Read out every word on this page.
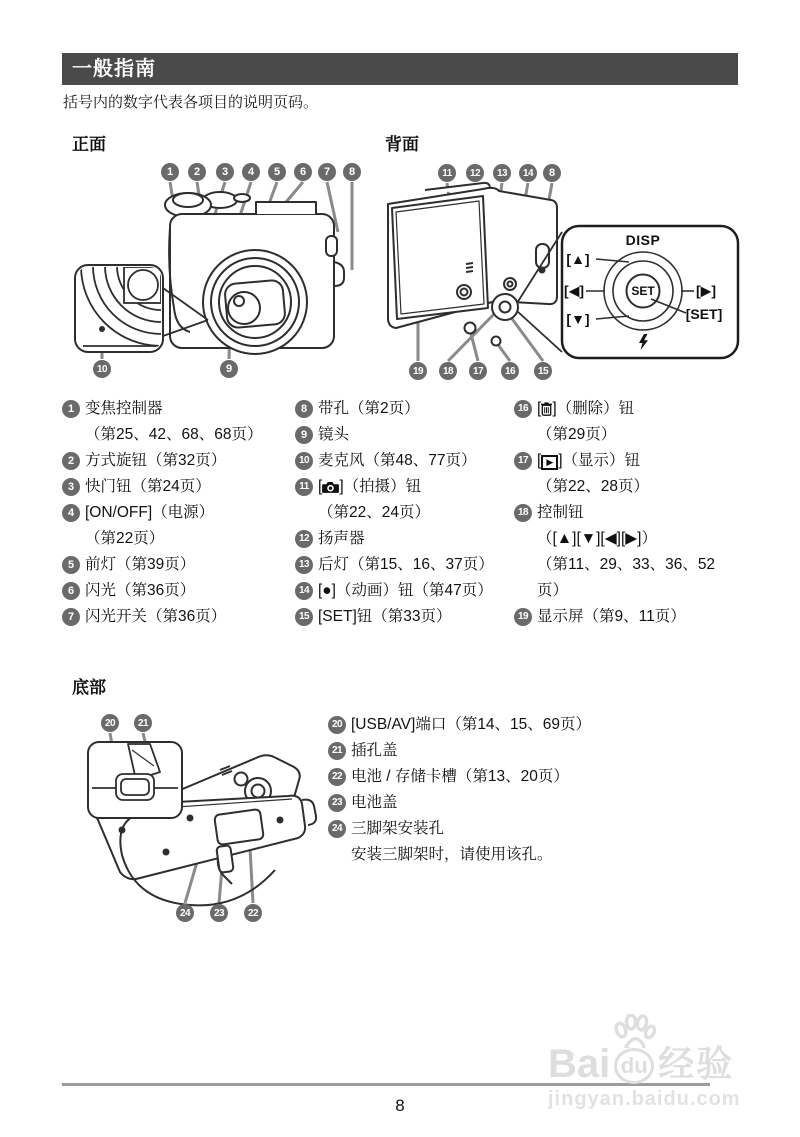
一般指南
括号内的数字代表各项目的说明页码。
正面	背面
底部
1	2	3	4	5	6	7	8
9
10
DISP
[▲]
[◀]	[▶]
[▼]
SET
[SET]
11	12	13	14	8
19	18	17	16	15
1 变焦控制器
（第25、42、68、68页）
2 方式旋钮（第32页）
3 快门钮（第24页）
4 [ON/OFF]（电源）
（第22页）
5 前灯（第39页）
6 闪光（第36页）
7 闪光开关（第36页）
8 带孔（第2页）
9 镜头
10 麦克风（第48、77页）
11 [ ]（拍摄）钮
（第22、24页）
12 扬声器
13 后灯（第15、16、37页）
14 [●]（动画）钮（第47页）
15 [SET]钮（第33页）
16 [ ]（删除）钮
（第29页）
17 [ ▶ ]（显示）钮
（第22、28页）
18 控制钮
（[▲][▼][◀][▶]）
（第11、29、33、36、52
页）
19 显示屏（第9、11页）
20	21
24	23	22
20 [USB/AV]端口（第14、15、69页）
21 插孔盖
22 电池 / 存储卡槽（第13、20页）
23 电池盖
24 三脚架安装孔
安装三脚架时，请使用该孔。
Bai du 经验
jingyan.baidu.com
8
